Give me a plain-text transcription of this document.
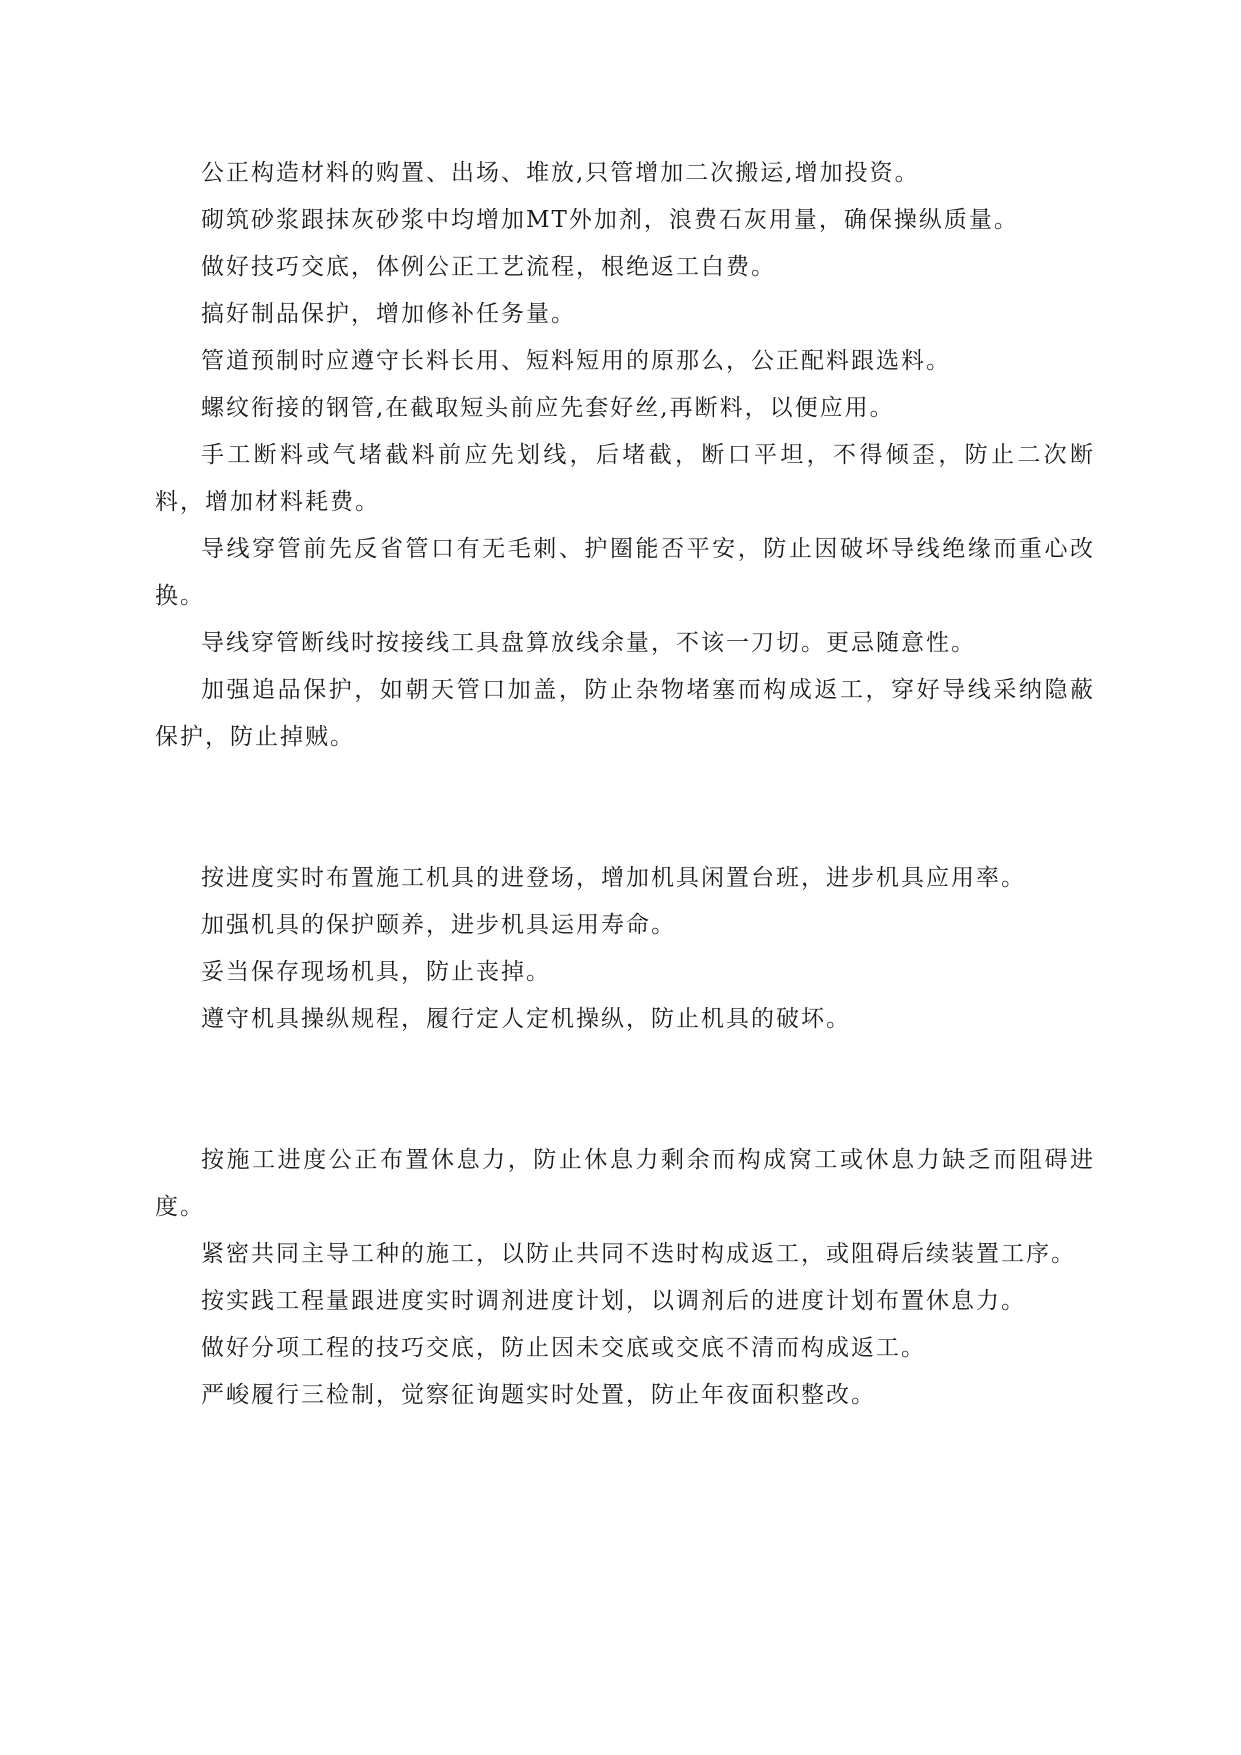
公正构造材料的购置、出场、堆放,只管增加二次搬运,增加投资。

砌筑砂浆跟抹灰砂浆中均增加MT外加剂，浪费石灰用量，确保操纵质量。

做好技巧交底，体例公正工艺流程，根绝返工白费。

搞好制品保护，增加修补任务量。

管道预制时应遵守长料长用、短料短用的原那么，公正配料跟选料。

螺纹衔接的钢管,在截取短头前应先套好丝,再断料，以便应用。

手工断料或气堵截料前应先划线，后堵截，断口平坦，不得倾歪，防止二次断料，增加材料耗费。

导线穿管前先反省管口有无毛刺、护圈能否平安，防止因破坏导线绝缘而重心改换。

导线穿管断线时按接线工具盘算放线余量，不该一刀切。更忌随意性。

加强追品保护，如朝天管口加盖，防止杂物堵塞而构成返工，穿好导线采纳隐蔽保护，防止掉贼。

按进度实时布置施工机具的进登场，增加机具闲置台班，进步机具应用率。

加强机具的保护颐养，进步机具运用寿命。

妥当保存现场机具，防止丧掉。

遵守机具操纵规程，履行定人定机操纵，防止机具的破坏。

按施工进度公正布置休息力，防止休息力剩余而构成窝工或休息力缺乏而阻碍进度。

紧密共同主导工种的施工，以防止共同不迭时构成返工，或阻碍后续装置工序。

按实践工程量跟进度实时调剂进度计划，以调剂后的进度计划布置休息力。

做好分项工程的技巧交底，防止因未交底或交底不清而构成返工。

严峻履行三检制，觉察征询题实时处置，防止年夜面积整改。
